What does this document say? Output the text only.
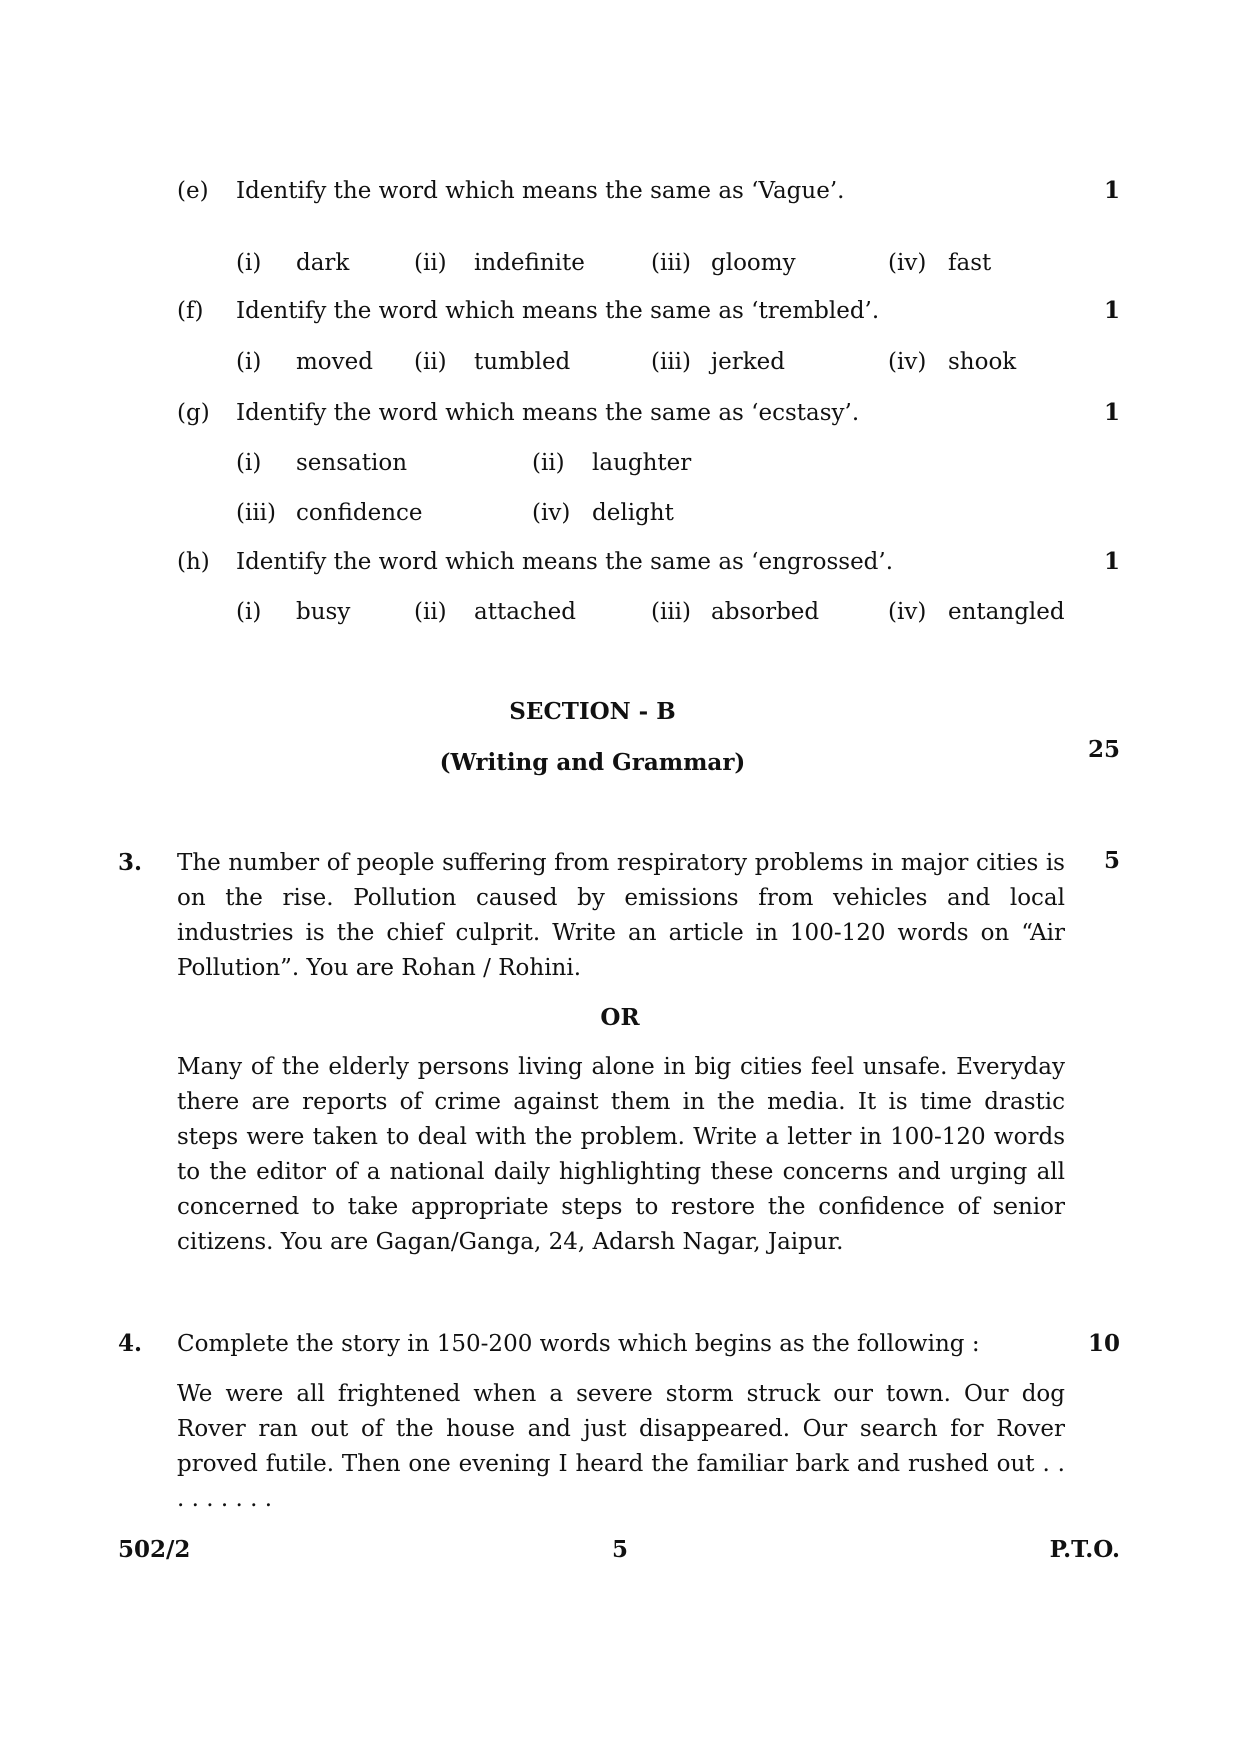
(e) Identify the word which means the same as ‘Vague’.	1
(i) dark	(ii) indefinite	(iii) gloomy	(iv) fast
(f) Identify the word which means the same as ‘trembled’.	1
(i) moved (ii) tumbled	(iii) jerked	(iv) shook
(g) Identify the word which means the same as ‘ecstasy’.	1
(i) sensation	(ii) laughter
(iii) confidence	(iv) delight
(h) Identify the word which means the same as ‘engrossed’.	1
(i) busy	(ii) attached	(iii) absorbed	(iv) entangled
SECTION - B
(Writing and Grammar)	25
3.	5
The number of people suffering from respiratory problems in major cities is on the rise. Pollution caused by emissions from vehicles and local industries is the chief culprit. Write an article in 100-120 words on “Air Pollution”. You are Rohan / Rohini.
OR
Many of the elderly persons living alone in big cities feel unsafe. Everyday there are reports of crime against them in the media. It is time drastic steps were taken to deal with the problem. Write a letter in 100-120 words to the editor of a national daily highlighting these concerns and urging all concerned to take appropriate steps to restore the confidence of senior citizens. You are Gagan/Ganga, 24, Adarsh Nagar, Jaipur.
4.	10
Complete the story in 150-200 words which begins as the following :
We were all frightened when a severe storm struck our town. Our dog Rover ran out of the house and just disappeared. Our search for Rover proved futile. Then one evening I heard the familiar bark and rushed out . . . . . . . . .
502/2	5	P.T.O.
